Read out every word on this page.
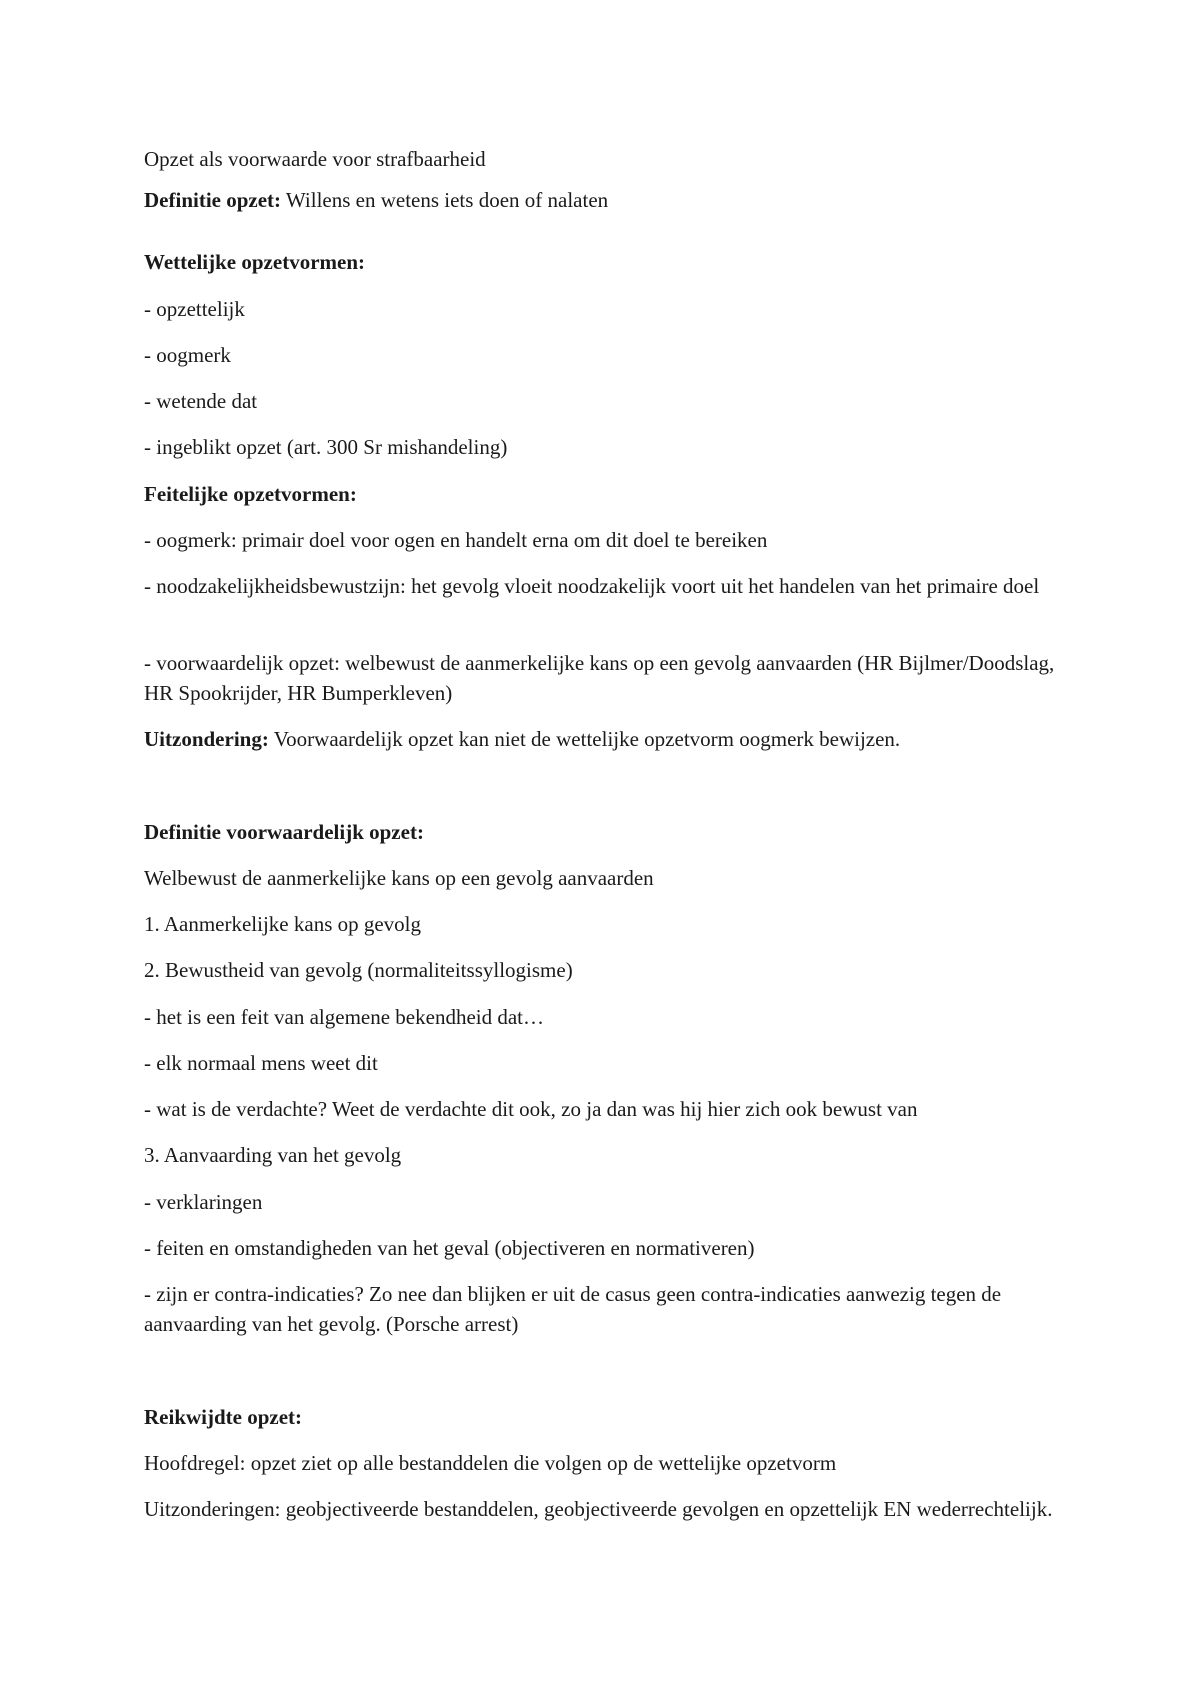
Opzet als voorwaarde voor strafbaarheid

Definitie opzet: Willens en wetens iets doen of nalaten

Wettelijke opzetvormen:

- opzettelijk

- oogmerk

- wetende dat

- ingeblikt opzet (art. 300 Sr mishandeling)

Feitelijke opzetvormen:

- oogmerk: primair doel voor ogen en handelt erna om dit doel te bereiken

- noodzakelijkheidsbewustzijn: het gevolg vloeit noodzakelijk voort uit het handelen van het primaire doel

- voorwaardelijk opzet: welbewust de aanmerkelijke kans op een gevolg aanvaarden (HR Bijlmer/Doodslag, HR Spookrijder, HR Bumperkleven)

Uitzondering: Voorwaardelijk opzet kan niet de wettelijke opzetvorm oogmerk bewijzen.

Definitie voorwaardelijk opzet:

Welbewust de aanmerkelijke kans op een gevolg aanvaarden

1. Aanmerkelijke kans op gevolg

2. Bewustheid van gevolg (normaliteitssyllogisme)

- het is een feit van algemene bekendheid dat…

- elk normaal mens weet dit

- wat is de verdachte? Weet de verdachte dit ook, zo ja dan was hij hier zich ook bewust van

3. Aanvaarding van het gevolg

- verklaringen

- feiten en omstandigheden van het geval (objectiveren en normativeren)

- zijn er contra-indicaties? Zo nee dan blijken er uit de casus geen contra-indicaties aanwezig tegen de aanvaarding van het gevolg. (Porsche arrest)

Reikwijdte opzet:

Hoofdregel: opzet ziet op alle bestanddelen die volgen op de wettelijke opzetvorm

Uitzonderingen: geobjectiveerde bestanddelen, geobjectiveerde gevolgen en opzettelijk EN wederrechtelijk.
